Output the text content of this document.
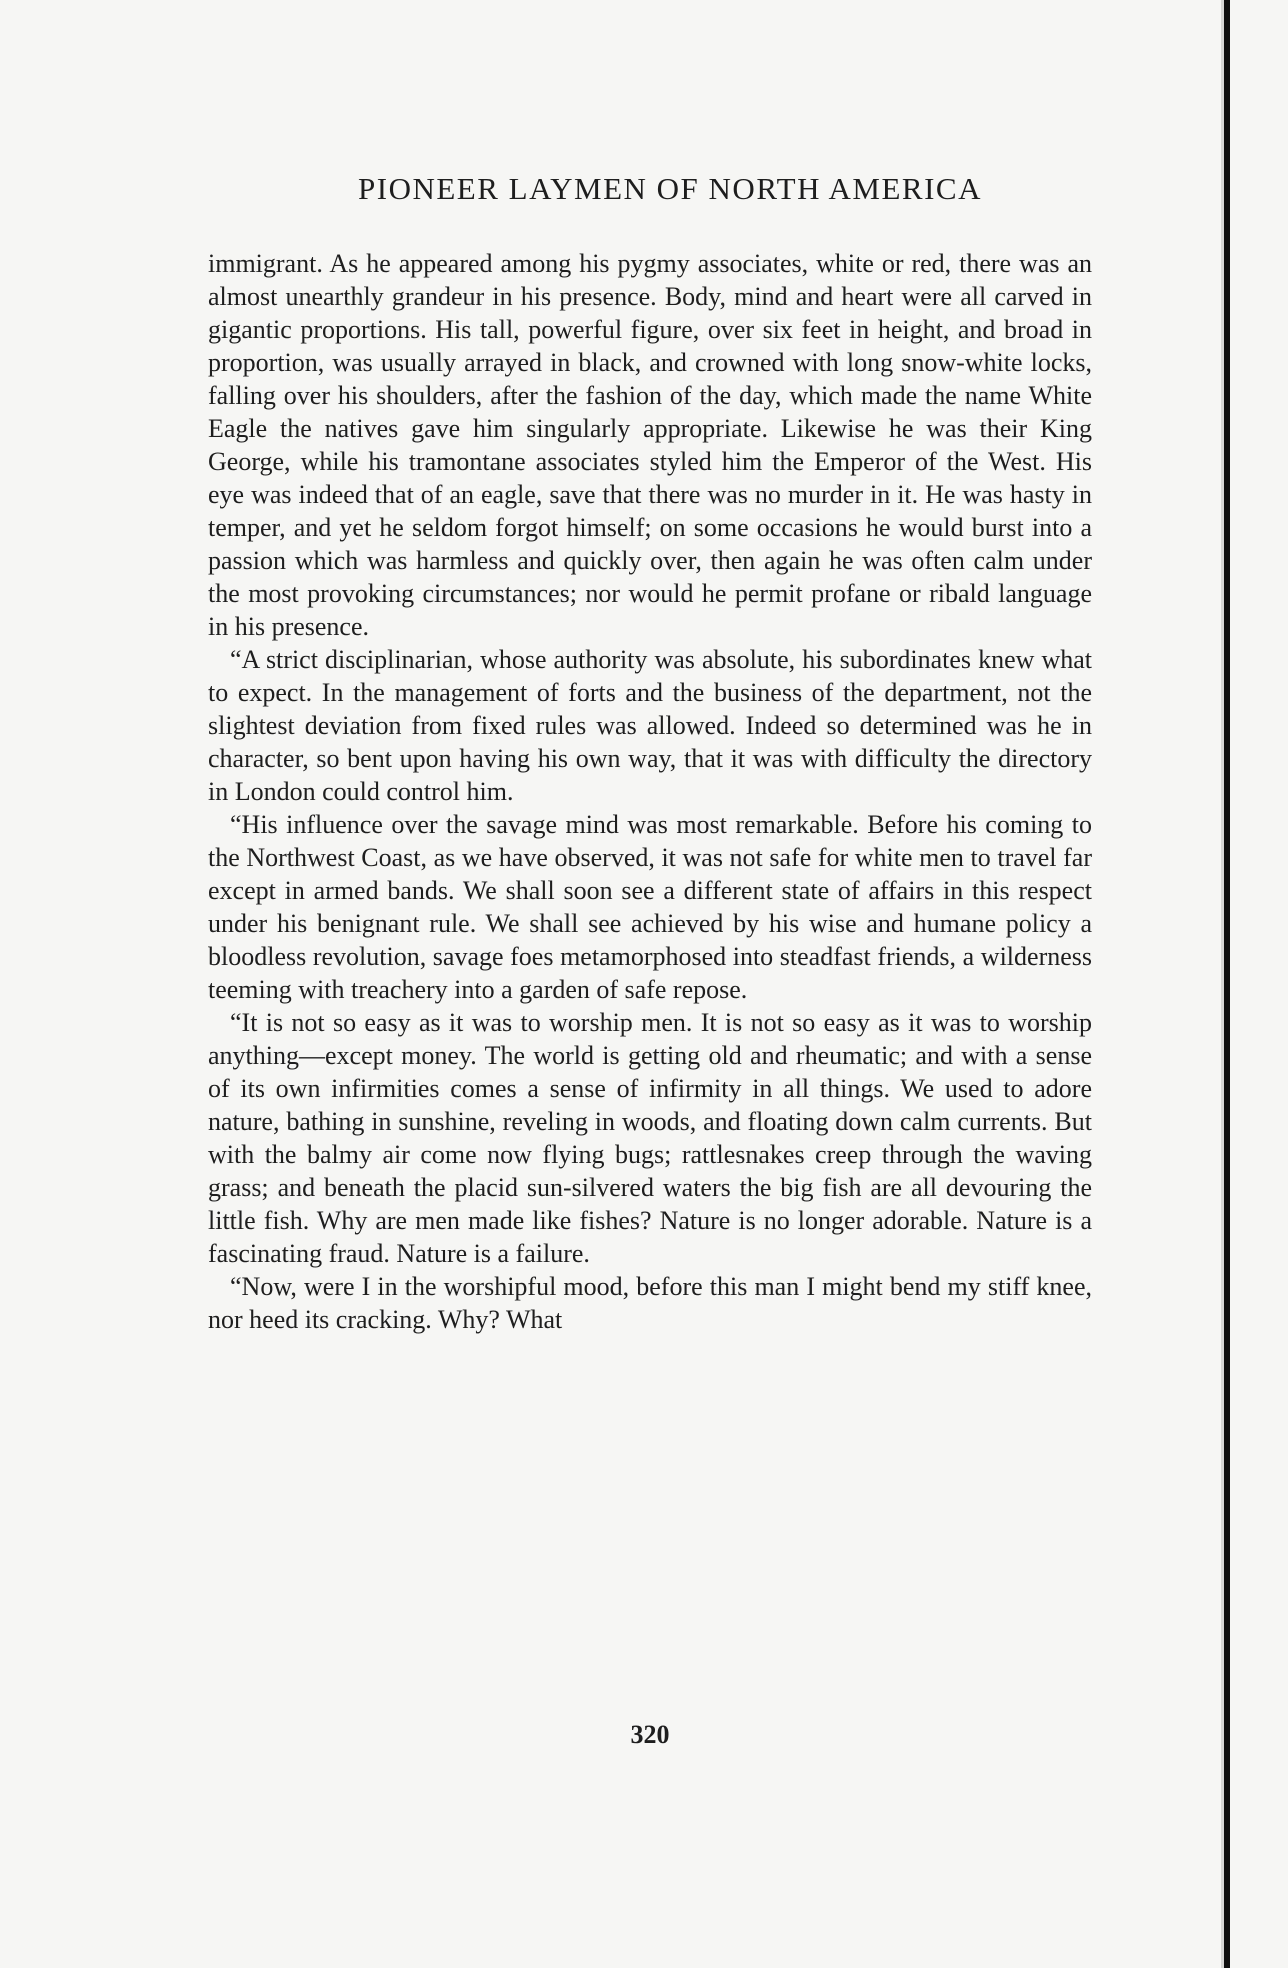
PIONEER LAYMEN OF NORTH AMERICA

immigrant. As he appeared among his pygmy associates, white or red, there was an almost unearthly grandeur in his presence. Body, mind and heart were all carved in gigantic proportions. His tall, powerful figure, over six feet in height, and broad in proportion, was usually arrayed in black, and crowned with long snow-white locks, falling over his shoulders, after the fashion of the day, which made the name White Eagle the natives gave him singularly appropriate. Likewise he was their King George, while his tramontane associates styled him the Emperor of the West. His eye was indeed that of an eagle, save that there was no murder in it. He was hasty in temper, and yet he seldom forgot himself; on some occasions he would burst into a passion which was harmless and quickly over, then again he was often calm under the most provoking circumstances; nor would he permit profane or ribald language in his presence.

“A strict disciplinarian, whose authority was absolute, his subordinates knew what to expect. In the management of forts and the business of the department, not the slightest deviation from fixed rules was allowed. Indeed so determined was he in character, so bent upon having his own way, that it was with difficulty the directory in London could control him.

“His influence over the savage mind was most remarkable. Before his coming to the Northwest Coast, as we have observed, it was not safe for white men to travel far except in armed bands. We shall soon see a different state of affairs in this respect under his benignant rule. We shall see achieved by his wise and humane policy a bloodless revolution, savage foes metamorphosed into steadfast friends, a wilderness teeming with treachery into a garden of safe repose.

“It is not so easy as it was to worship men. It is not so easy as it was to worship anything—except money. The world is getting old and rheumatic; and with a sense of its own infirmities comes a sense of infirmity in all things. We used to adore nature, bathing in sunshine, reveling in woods, and floating down calm currents. But with the balmy air come now flying bugs; rattlesnakes creep through the waving grass; and beneath the placid sun-silvered waters the big fish are all devouring the little fish. Why are men made like fishes? Nature is no longer adorable. Nature is a fascinating fraud. Nature is a failure.

“Now, were I in the worshipful mood, before this man I might bend my stiff knee, nor heed its cracking. Why? What

320
